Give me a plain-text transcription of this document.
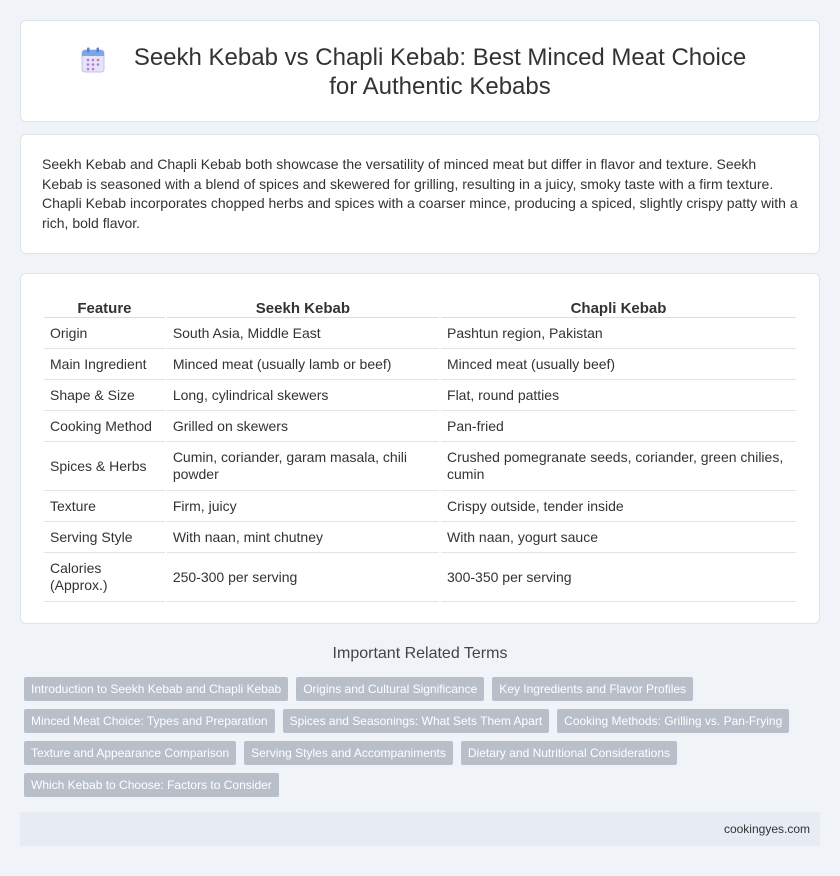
Seekh Kebab vs Chapli Kebab: Best Minced Meat Choice for Authentic Kebabs

Seekh Kebab and Chapli Kebab both showcase the versatility of minced meat but differ in flavor and texture. Seekh Kebab is seasoned with a blend of spices and skewered for grilling, resulting in a juicy, smoky taste with a firm texture. Chapli Kebab incorporates chopped herbs and spices with a coarser mince, producing a spiced, slightly crispy patty with a rich, bold flavor.

Feature	Seekh Kebab	Chapli Kebab
Origin	South Asia, Middle East	Pashtun region, Pakistan
Main Ingredient	Minced meat (usually lamb or beef)	Minced meat (usually beef)
Shape & Size	Long, cylindrical skewers	Flat, round patties
Cooking Method	Grilled on skewers	Pan-fried
Spices & Herbs	Cumin, coriander, garam masala, chili powder	Crushed pomegranate seeds, coriander, green chilies, cumin
Texture	Firm, juicy	Crispy outside, tender inside
Serving Style	With naan, mint chutney	With naan, yogurt sauce
Calories (Approx.)	250-300 per serving	300-350 per serving
Important Related Terms
Introduction to Seekh Kebab and Chapli Kebab	Origins and Cultural Significance	Key Ingredients and Flavor Profiles
Minced Meat Choice: Types and Preparation	Spices and Seasonings: What Sets Them Apart	Cooking Methods: Grilling vs. Pan-Frying
Texture and Appearance Comparison	Serving Styles and Accompaniments	Dietary and Nutritional Considerations
Which Kebab to Choose: Factors to Consider
cookingyes.com
